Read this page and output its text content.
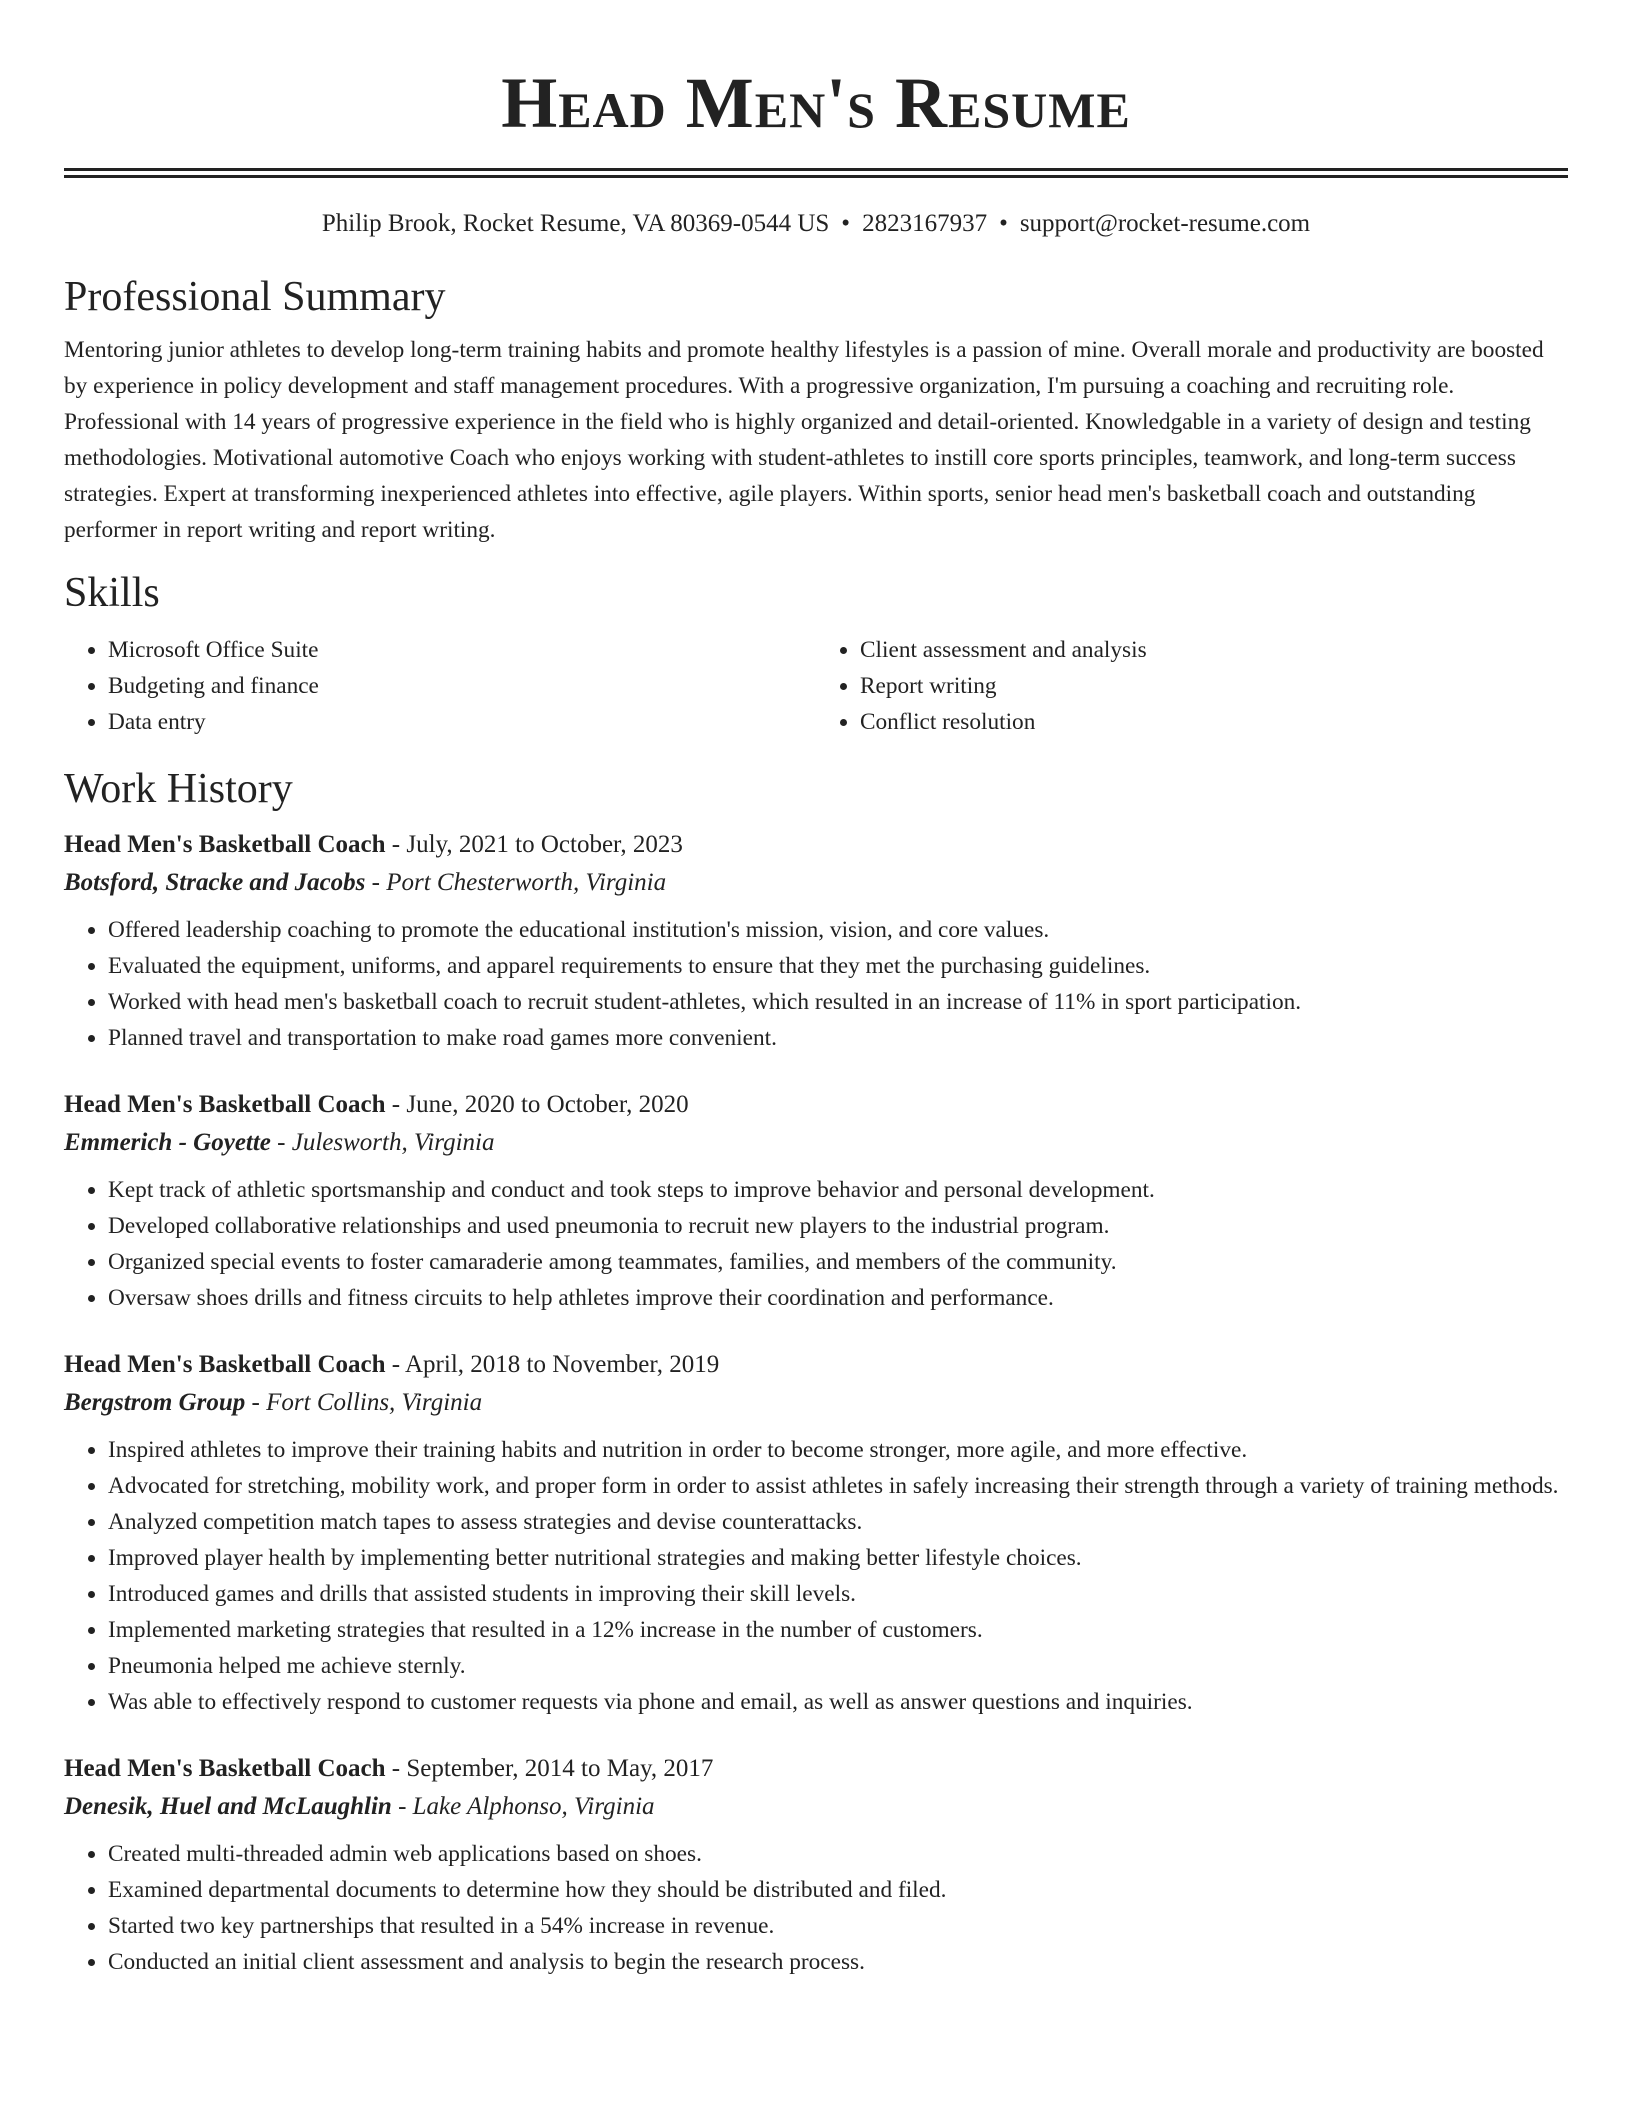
Head Men's Resume
Philip Brook, Rocket Resume, VA 80369-0544 US • 2823167937 • support@rocket-resume.com
Professional Summary

Mentoring junior athletes to develop long-term training habits and promote healthy lifestyles is a passion of mine. Overall morale and productivity are boosted by experience in policy development and staff management procedures. With a progressive organization, I'm pursuing a coaching and recruiting role. Professional with 14 years of progressive experience in the field who is highly organized and detail-oriented. Knowledgable in a variety of design and testing methodologies. Motivational automotive Coach who enjoys working with student-athletes to instill core sports principles, teamwork, and long-term success strategies. Expert at transforming inexperienced athletes into effective, agile players. Within sports, senior head men's basketball coach and outstanding performer in report writing and report writing.

Skills
• Microsoft Office Suite
• Budgeting and finance
• Data entry
• Client assessment and analysis
• Report writing
• Conflict resolution
Work History
Head Men's Basketball Coach - July, 2021 to October, 2023
Botsford, Stracke and Jacobs - Port Chesterworth, Virginia
• Offered leadership coaching to promote the educational institution's mission, vision, and core values.
• Evaluated the equipment, uniforms, and apparel requirements to ensure that they met the purchasing guidelines.
• Worked with head men's basketball coach to recruit student-athletes, which resulted in an increase of 11% in sport participation.
• Planned travel and transportation to make road games more convenient.
Head Men's Basketball Coach - June, 2020 to October, 2020
Emmerich - Goyette - Julesworth, Virginia
• Kept track of athletic sportsmanship and conduct and took steps to improve behavior and personal development.
• Developed collaborative relationships and used pneumonia to recruit new players to the industrial program.
• Organized special events to foster camaraderie among teammates, families, and members of the community.
• Oversaw shoes drills and fitness circuits to help athletes improve their coordination and performance.
Head Men's Basketball Coach - April, 2018 to November, 2019
Bergstrom Group - Fort Collins, Virginia
• Inspired athletes to improve their training habits and nutrition in order to become stronger, more agile, and more effective.
• Advocated for stretching, mobility work, and proper form in order to assist athletes in safely increasing their strength through a variety of training methods.
• Analyzed competition match tapes to assess strategies and devise counterattacks.
• Improved player health by implementing better nutritional strategies and making better lifestyle choices.
• Introduced games and drills that assisted students in improving their skill levels.
• Implemented marketing strategies that resulted in a 12% increase in the number of customers.
• Pneumonia helped me achieve sternly.
• Was able to effectively respond to customer requests via phone and email, as well as answer questions and inquiries.
Head Men's Basketball Coach - September, 2014 to May, 2017
Denesik, Huel and McLaughlin - Lake Alphonso, Virginia
• Created multi-threaded admin web applications based on shoes.
• Examined departmental documents to determine how they should be distributed and filed.
• Started two key partnerships that resulted in a 54% increase in revenue.
• Conducted an initial client assessment and analysis to begin the research process.
